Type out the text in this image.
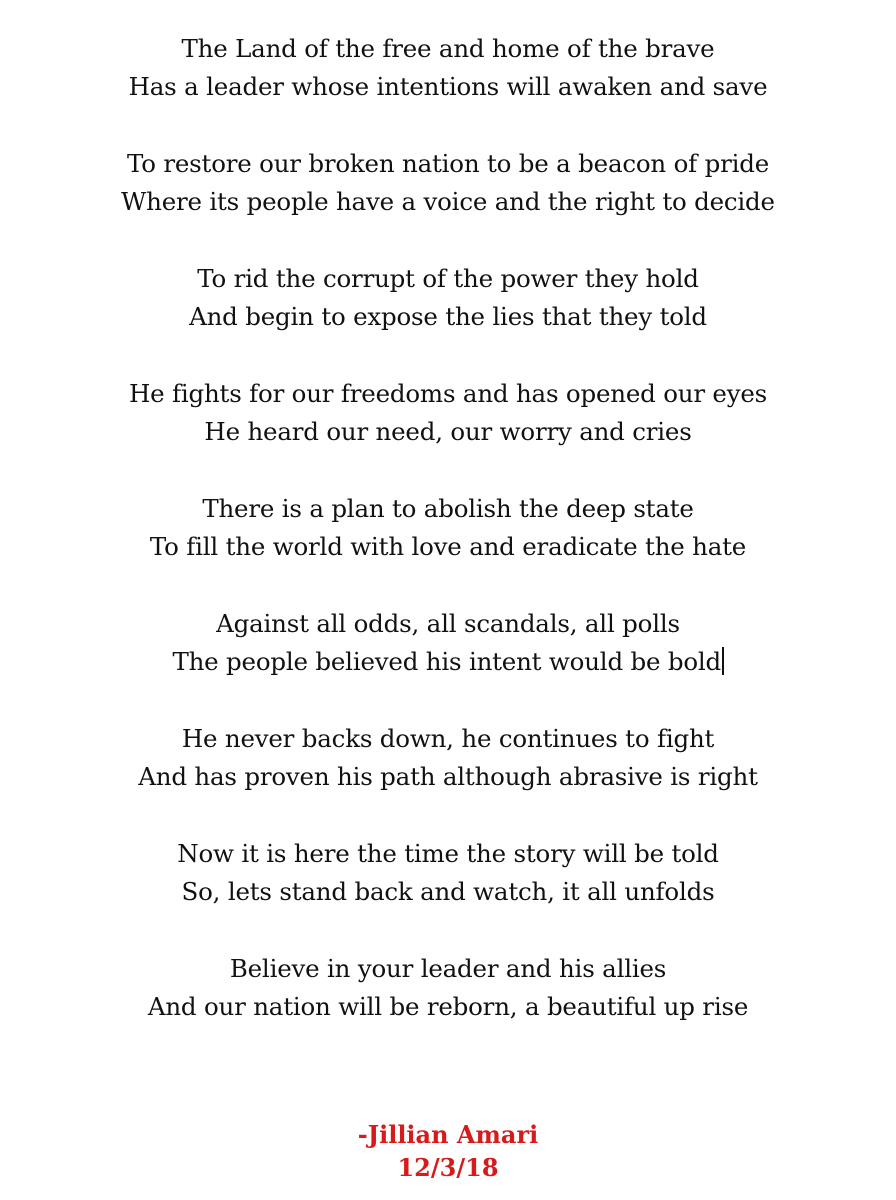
The Land of the free and home of the brave
Has a leader whose intentions will awaken and save
To restore our broken nation to be a beacon of pride
Where its people have a voice and the right to decide
To rid the corrupt of the power they hold
And begin to expose the lies that they told
He fights for our freedoms and has opened our eyes
He heard our need, our worry and cries
There is a plan to abolish the deep state
To fill the world with love and eradicate the hate
Against all odds, all scandals, all polls
The people believed his intent would be bold
He never backs down, he continues to fight
And has proven his path although abrasive is right
Now it is here the time the story will be told
So, lets stand back and watch, it all unfolds
Believe in your leader and his allies
And our nation will be reborn, a beautiful up rise
-Jillian Amari
12/3/18
